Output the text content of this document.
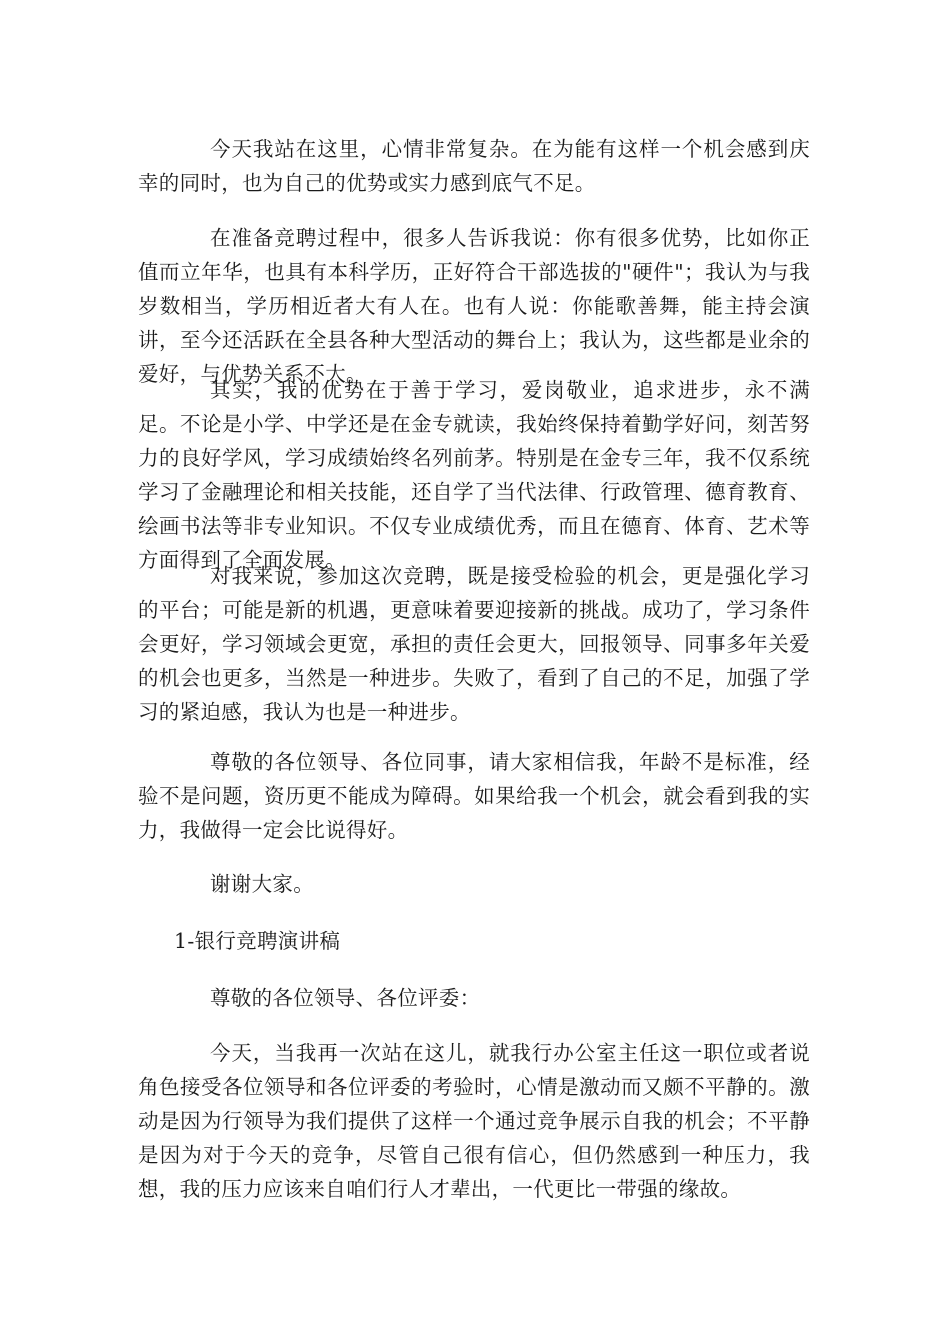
今天我站在这里，心情非常复杂。在为能有这样一个机会感到庆幸的同时，也为自己的优势或实力感到底气不足。

在准备竞聘过程中，很多人告诉我说：你有很多优势，比如你正值而立年华，也具有本科学历，正好符合干部选拔的"硬件"；我认为与我岁数相当，学历相近者大有人在。也有人说：你能歌善舞，能主持会演讲，至今还活跃在全县各种大型活动的舞台上；我认为，这些都是业余的爱好，与优势关系不大。

其实，我的优势在于善于学习，爱岗敬业，追求进步，永不满足。不论是小学、中学还是在金专就读，我始终保持着勤学好问，刻苦努力的良好学风，学习成绩始终名列前茅。特别是在金专三年，我不仅系统学习了金融理论和相关技能，还自学了当代法律、行政管理、德育教育、绘画书法等非专业知识。不仅专业成绩优秀，而且在德育、体育、艺术等方面得到了全面发展。

对我来说，参加这次竞聘，既是接受检验的机会，更是强化学习的平台；可能是新的机遇，更意味着要迎接新的挑战。成功了，学习条件会更好，学习领域会更宽，承担的责任会更大，回报领导、同事多年关爱的机会也更多，当然是一种进步。失败了，看到了自己的不足，加强了学习的紧迫感，我认为也是一种进步。

尊敬的各位领导、各位同事，请大家相信我，年龄不是标准，经验不是问题，资历更不能成为障碍。如果给我一个机会，就会看到我的实力，我做得一定会比说得好。

谢谢大家。

1-银行竞聘演讲稿

尊敬的各位领导、各位评委：

今天，当我再一次站在这儿，就我行办公室主任这一职位或者说角色接受各位领导和各位评委的考验时，心情是激动而又颇不平静的。激动是因为行领导为我们提供了这样一个通过竞争展示自我的机会；不平静是因为对于今天的竞争，尽管自己很有信心，但仍然感到一种压力，我想，我的压力应该来自咱们行人才辈出，一代更比一带强的缘故。
